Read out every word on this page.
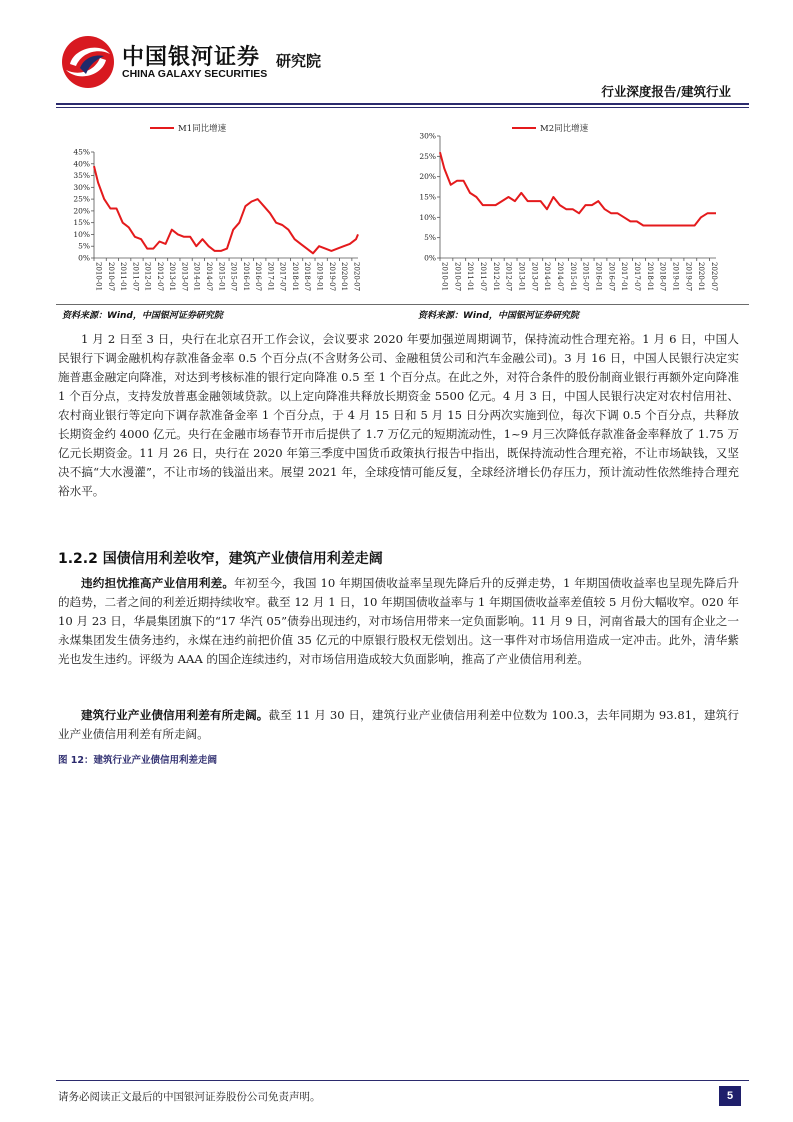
中国银河证券
CHINA GALAXY SECURITIES
研究院
行业深度报告/建筑行业
0%
5%
10%
15%
20%
25%
30%
35%
40%
45%
2010-01 2010-07 2011-01 2011-07 2012-01 2012-07 2013-01 2013-07 2014-01 2014-07 2015-01 2015-07 2016-01 2016-07 2017-01 2017-07 2018-01 2018-07 2019-01 2019-07 2020-01 2020-07
M1同比增速
0%
5%
10%
15%
20%
25%
30%
2010-01 2010-07 2011-01 2011-07 2012-01 2012-07 2013-01 2013-07 2014-01 2014-07 2015-01 2015-07 2016-01 2016-07 2017-01 2017-07 2018-01 2018-07 2019-01 2019-07 2020-01 2020-07
M2同比增速
资料来源：Wind，中国银河证券研究院	资料来源：Wind，中国银河证券研究院
1 月 2 日至 3 日，央行在北京召开工作会议，会议要求 2020 年要加强逆周期调节，保持流动性合理充裕。1 月 6 日，中国人民银行下调金融机构存款准备金率 0.5 个百分点(不含财务公司、金融租赁公司和汽车金融公司)。3 月 16 日，中国人民银行决定实施普惠金融定向降准，对达到考核标准的银行定向降准 0.5 至 1 个百分点。在此之外，对符合条件的股份制商业银行再额外定向降准 1 个百分点，支持发放普惠金融领域贷款。以上定向降准共释放长期资金 5500 亿元。4 月 3 日，中国人民银行决定对农村信用社、农村商业银行等定向下调存款准备金率 1 个百分点，于 4 月 15 日和 5 月 15 日分两次实施到位，每次下调 0.5 个百分点，共释放长期资金约 4000 亿元。央行在金融市场春节开市后提供了 1.7 万亿元的短期流动性，1~9 月三次降低存款准备金率释放了 1.75 万亿元长期资金。11 月 26 日，央行在 2020 年第三季度中国货币政策执行报告中指出，既保持流动性合理充裕，不让市场缺钱，又坚决不搞“大水漫灌”，不让市场的钱溢出来。展望 2021 年，全球疫情可能反复，全球经济增长仍存压力，预计流动性依然维持合理充裕水平。
1.2.2 国债信用利差收窄，建筑产业债信用利差走阔
违约担忧推高产业信用利差。年初至今，我国 10 年期国债收益率呈现先降后升的反弹走势，1 年期国债收益率也呈现先降后升的趋势，二者之间的利差近期持续收窄。截至 12 月 1 日，10 年期国债收益率与 1 年期国债收益率差值较 5 月份大幅收窄。020 年 10 月 23 日，华晨集团旗下的“17 华汽 05”债券出现违约，对市场信用带来一定负面影响。11 月 9 日，河南省最大的国有企业之一永煤集团发生债务违约，永煤在违约前把价值 35 亿元的中原银行股权无偿划出。这一事件对市场信用造成一定冲击。此外，清华紫光也发生违约。评级为 AAA 的国企连续违约，对市场信用造成较大负面影响，推高了产业债信用利差。
建筑行业产业债信用利差有所走阔。截至 11 月 30 日，建筑行业产业债信用利差中位数为 100.3，去年同期为 93.81，建筑行业产业债信用利差有所走阔。
图 12：建筑行业产业债信用利差走阔
请务必阅读正文最后的中国银河证券股份公司免责声明。	5
